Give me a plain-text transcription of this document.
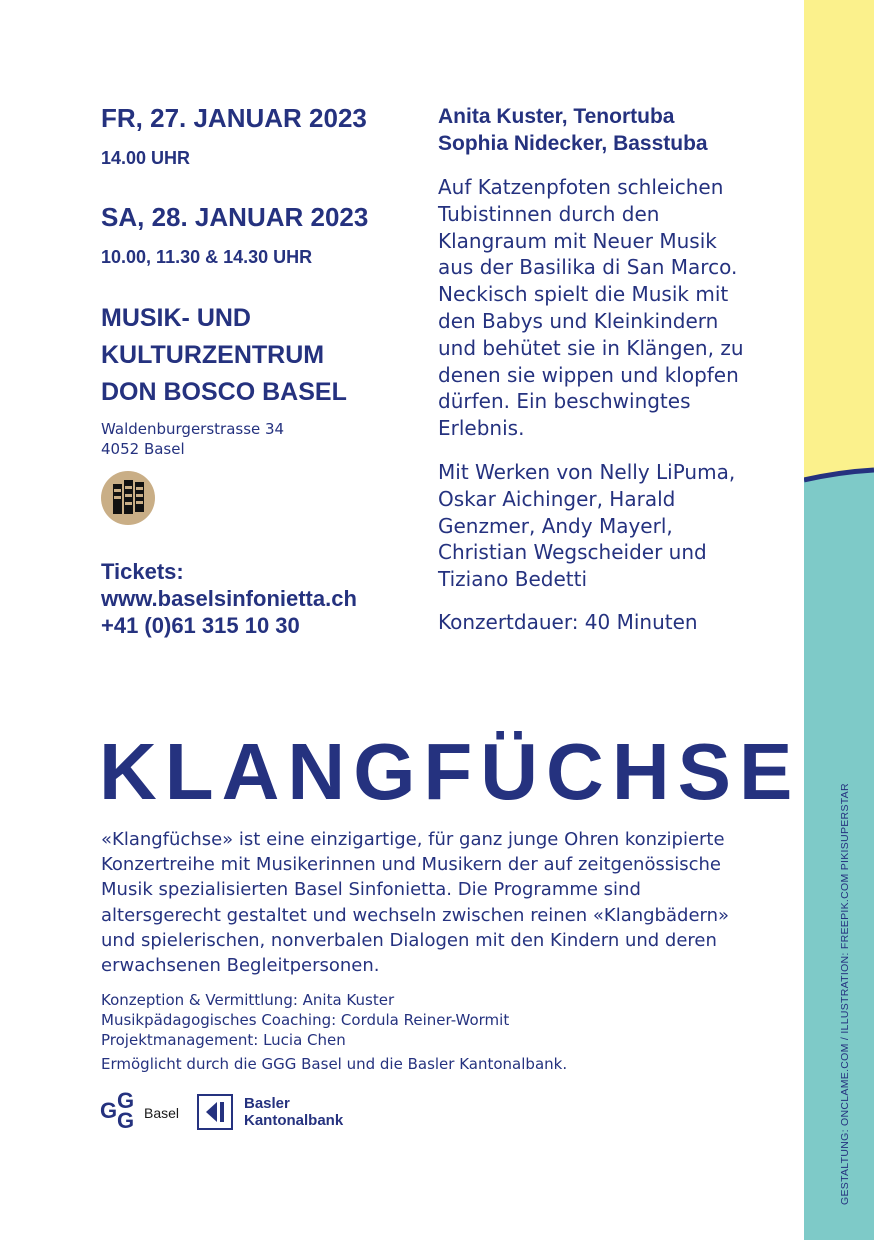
GESTALTUNG: ONCLAME.COM / ILLUSTRATION: FREEPIK.COM PIKISUPERSTAR
FR, 27. JANUAR 2023
14.00 UHR
SA, 28. JANUAR 2023
10.00, 11.30 & 14.30 UHR
MUSIK- UND
KULTURZENTRUM
DON BOSCO BASEL
Waldenburgerstrasse 34
4052 Basel
Tickets:
www.baselsinfonietta.ch
+41 (0)61 315 10 30
Anita Kuster, Tenortuba
Sophia Nidecker, Basstuba
Auf Katzenpfoten schleichen
Tubistinnen durch den
Klangraum mit Neuer Musik
aus der Basilika di San Marco.
Neckisch spielt die Musik mit
den Babys und Kleinkindern
und behütet sie in Klängen, zu
denen sie wippen und klopfen
dürfen. Ein beschwingtes
Erlebnis.
Mit Werken von Nelly LiPuma,
Oskar Aichinger, Harald
Genzmer, Andy Mayerl,
Christian Wegscheider und
Tiziano Bedetti
Konzertdauer: 40 Minuten
KLANGFÜCHSE
«Klangfüchse» ist eine einzigartige, für ganz junge Ohren konzipierte
Konzertreihe mit Musikerinnen und Musikern der auf zeitgenössische
Musik spezialisierten Basel Sinfonietta. Die Programme sind
altersgerecht gestaltet und wechseln zwischen reinen «Klangbädern»
und spielerischen, nonverbalen Dialogen mit den Kindern und deren
erwachsenen Begleitpersonen.
Konzeption & Vermittlung: Anita Kuster
Musikpädagogisches Coaching: Cordula Reiner-Wormit
Projektmanagement: Lucia Chen
Ermöglicht durch die GGG Basel und die Basler Kantonalbank.
G G
G Basel
Basler
Kantonalbank
